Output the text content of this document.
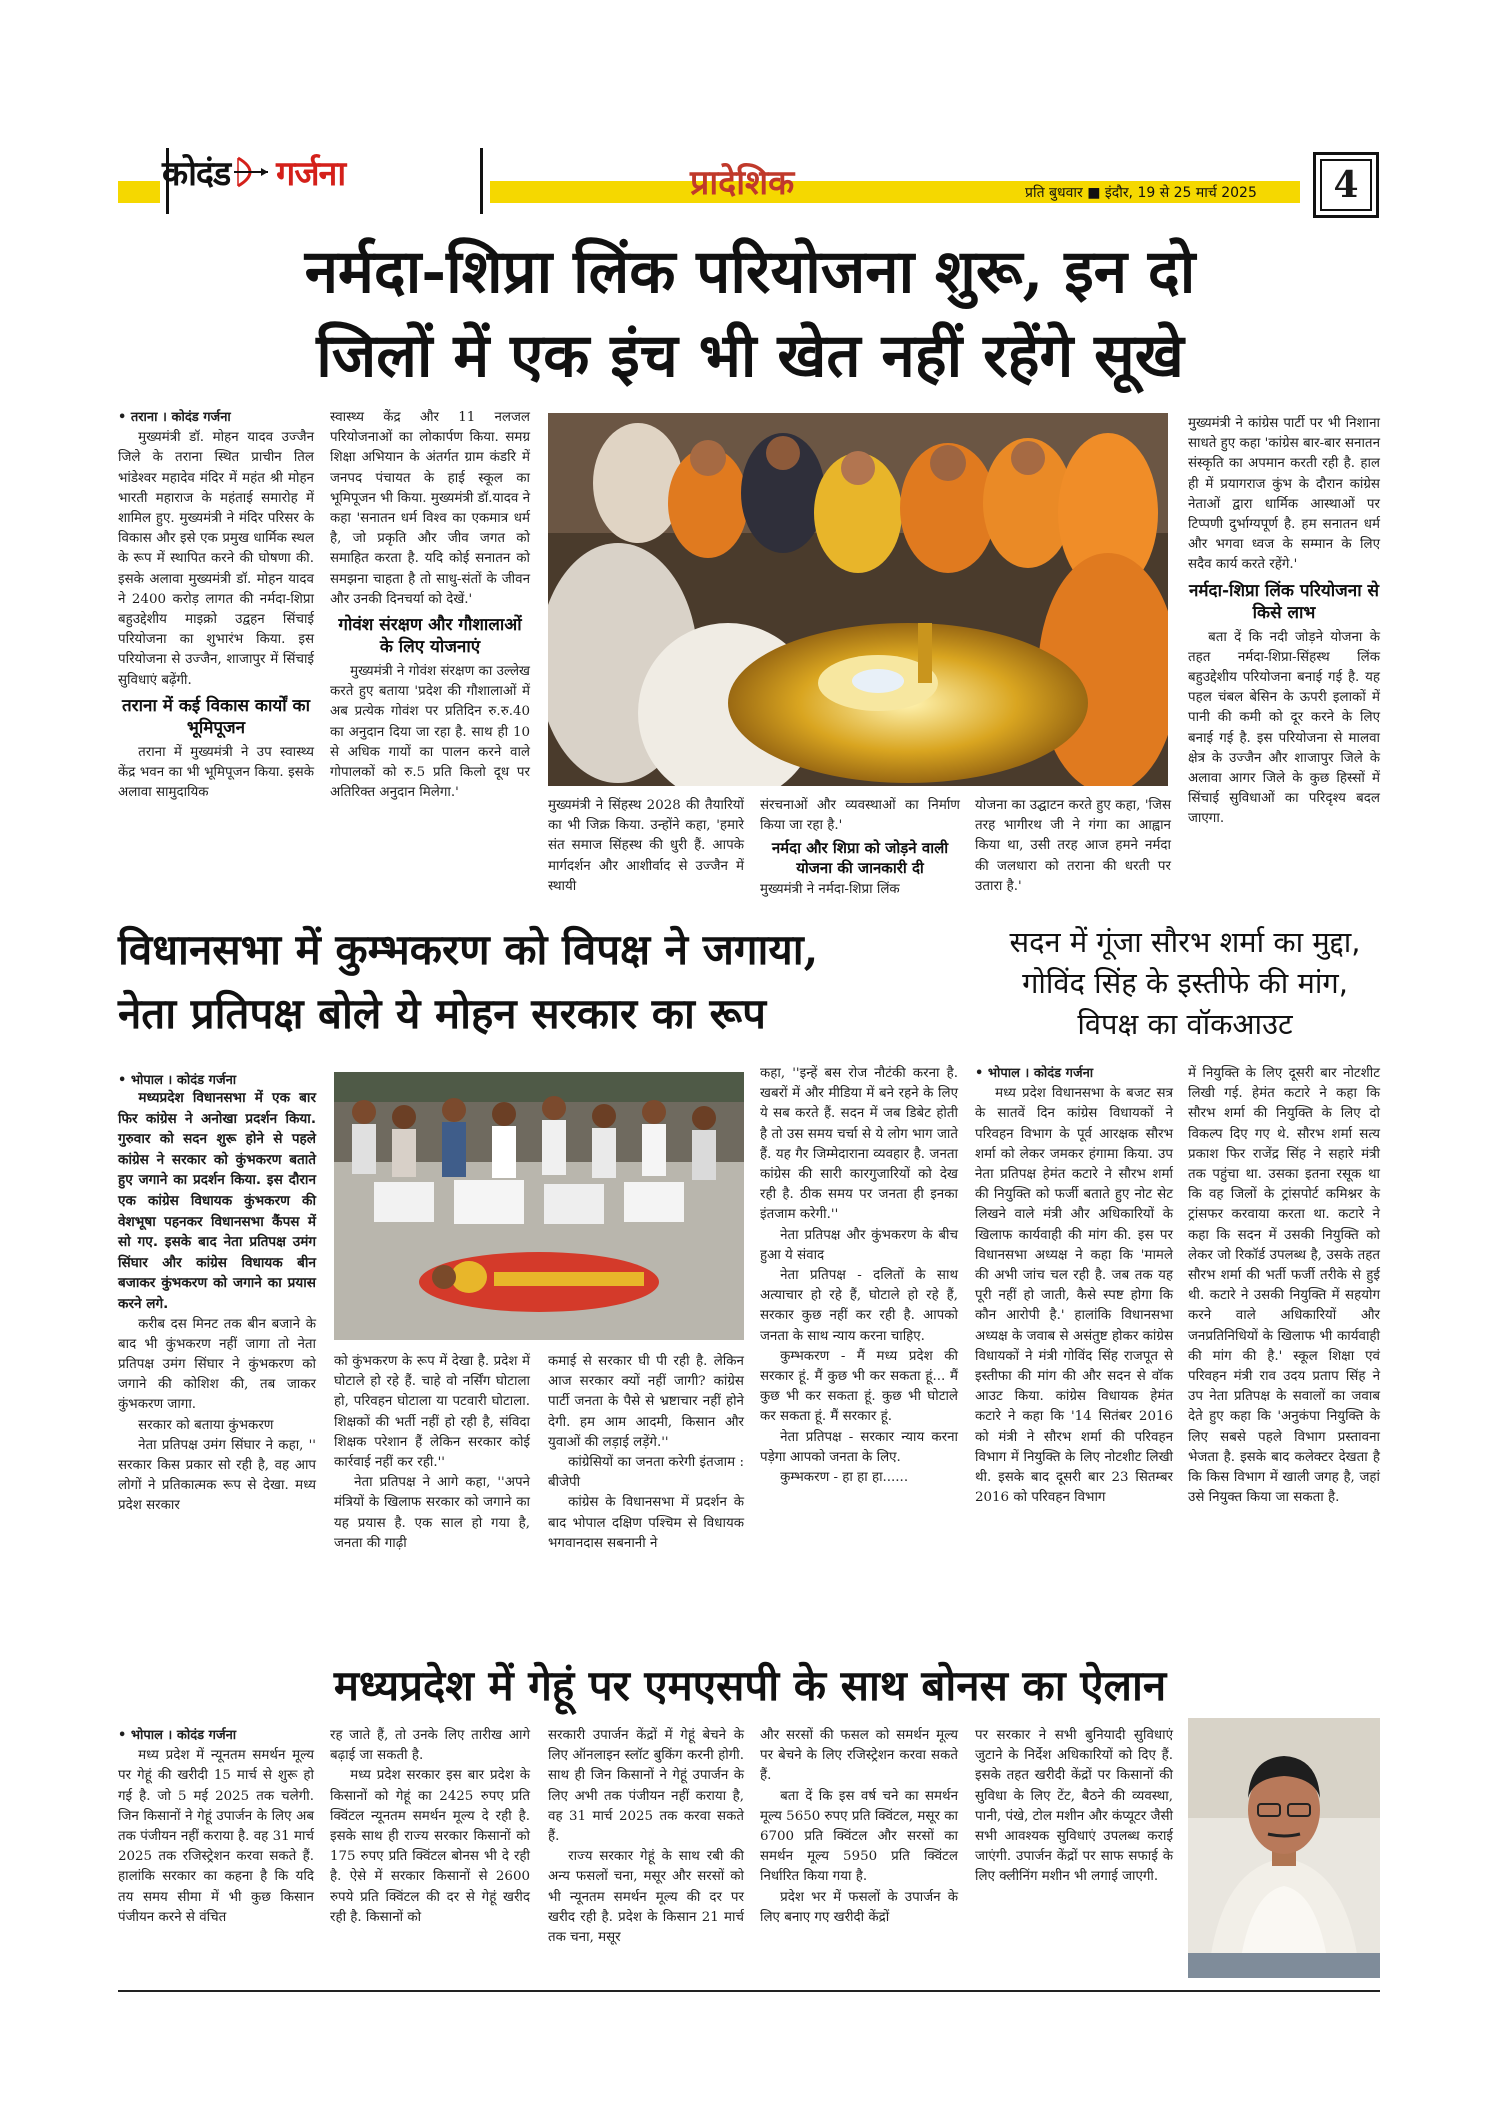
कोदंड गर्जना	प्रादेशिक	प्रति बुधवार ■ इंदौर, 19 से 25 मार्च 2025	4
नर्मदा-शिप्रा लिंक परियोजना शुरू, इन दो
जिलों में एक इंच भी खेत नहीं रहेंगे सूखे
• तराना । कोदंड गर्जना

मुख्यमंत्री डॉ. मोहन यादव उज्जैन जिले के तराना स्थित प्राचीन तिल भांडेश्वर महादेव मंदिर में महंत श्री मोहन भारती महाराज के महंताई समारोह में शामिल हुए. मुख्यमंत्री ने मंदिर परिसर के विकास और इसे एक प्रमुख धार्मिक स्थल के रूप में स्थापित करने की घोषणा की. इसके अलावा मुख्यमंत्री डॉ. मोहन यादव ने 2400 करोड़ लागत की नर्मदा-शिप्रा बहुउद्देशीय माइक्रो उद्वहन सिंचाई परियोजना का शुभारंभ किया. इस परियोजना से उज्जैन, शाजापुर में सिंचाई सुविधाएं बढ़ेंगी.

तराना में कई विकास कार्यों का भूमिपूजन

तराना में मुख्यमंत्री ने उप स्वास्थ्य केंद्र भवन का भी भूमिपूजन किया. इसके अलावा सामुदायिक

स्वास्थ्य केंद्र और 11 नलजल परियोजनाओं का लोकार्पण किया. समग्र शिक्षा अभियान के अंतर्गत ग्राम कंडरि में जनपद पंचायत के हाई स्कूल का भूमिपूजन भी किया. मुख्यमंत्री डॉ.यादव ने कहा 'सनातन धर्म विश्व का एकमात्र धर्म है, जो प्रकृति और जीव जगत को समाहित करता है. यदि कोई सनातन को समझना चाहता है तो साधु-संतों के जीवन और उनकी दिनचर्या को देखें.'

गोवंश संरक्षण और गौशालाओं के लिए योजनाएं

मुख्यमंत्री ने गोवंश संरक्षण का उल्लेख करते हुए बताया 'प्रदेश की गौशालाओं में अब प्रत्येक गोवंश पर प्रतिदिन रु.रु.40 का अनुदान दिया जा रहा है. साथ ही 10 से अधिक गायों का पालन करने वाले गोपालकों को रु.5 प्रति किलो दूध पर अतिरिक्त अनुदान मिलेगा.'

मुख्यमंत्री ने सिंहस्थ 2028 की तैयारियों का भी जिक्र किया. उन्होंने कहा, 'हमारे संत समाज सिंहस्थ की धुरी हैं. आपके मार्गदर्शन और आशीर्वाद से उज्जैन में स्थायी

संरचनाओं और व्यवस्थाओं का निर्माण किया जा रहा है.'

नर्मदा और शिप्रा को जोड़ने वाली योजना की जानकारी दी

मुख्यमंत्री ने नर्मदा-शिप्रा लिंक

योजना का उद्घाटन करते हुए कहा, 'जिस तरह भागीरथ जी ने गंगा का आह्वान किया था, उसी तरह आज हमने नर्मदा की जलधारा को तराना की धरती पर उतारा है.'

मुख्यमंत्री ने कांग्रेस पार्टी पर भी निशाना साधते हुए कहा 'कांग्रेस बार-बार सनातन संस्कृति का अपमान करती रही है. हाल ही में प्रयागराज कुंभ के दौरान कांग्रेस नेताओं द्वारा धार्मिक आस्थाओं पर टिप्पणी दुर्भाग्यपूर्ण है. हम सनातन धर्म और भगवा ध्वज के सम्मान के लिए सदैव कार्य करते रहेंगे.'

नर्मदा-शिप्रा लिंक परियोजना से किसे लाभ

बता दें कि नदी जोड़ने योजना के तहत नर्मदा-शिप्रा-सिंहस्थ लिंक बहुउद्देशीय परियोजना बनाई गई है. यह पहल चंबल बेसिन के ऊपरी इलाकों में पानी की कमी को दूर करने के लिए बनाई गई है. इस परियोजना से मालवा क्षेत्र के उज्जैन और शाजापुर जिले के अलावा आगर जिले के कुछ हिस्सों में सिंचाई सुविधाओं का परिदृश्य बदल जाएगा.

विधानसभा में कुम्भकरण को विपक्ष ने जगाया,
नेता प्रतिपक्ष बोले ये मोहन सरकार का रूप
सदन में गूंजा सौरभ शर्मा का मुद्दा, गोविंद सिंह के इस्तीफे की मांग, विपक्ष का वॉकआउट
• भोपाल । कोदंड गर्जना

मध्यप्रदेश विधानसभा में एक बार फिर कांग्रेस ने अनोखा प्रदर्शन किया. गुरुवार को सदन शुरू होने से पहले कांग्रेस ने सरकार को कुंभकरण बताते हुए जगाने का प्रदर्शन किया. इस दौरान एक कांग्रेस विधायक कुंभकरण की वेशभूषा पहनकर विधानसभा कैंपस में सो गए. इसके बाद नेता प्रतिपक्ष उमंग सिंघार और कांग्रेस विधायक बीन बजाकर कुंभकरण को जगाने का प्रयास करने लगे.

करीब दस मिनट तक बीन बजाने के बाद भी कुंभकरण नहीं जागा तो नेता प्रतिपक्ष उमंग सिंघार ने कुंभकरण को जगाने की कोशिश की, तब जाकर कुंभकरण जागा.

सरकार को बताया कुंभकरण

नेता प्रतिपक्ष उमंग सिंघार ने कहा, '' सरकार किस प्रकार सो रही है, वह आप लोगों ने प्रतिकात्मक रूप से देखा. मध्य प्रदेश सरकार

को कुंभकरण के रूप में देखा है. प्रदेश में घोटाले हो रहे हैं. चाहे वो नर्सिंग घोटाला हो, परिवहन घोटाला या पटवारी घोटाला. शिक्षकों की भर्ती नहीं हो रही है, संविदा शिक्षक परेशान हैं लेकिन सरकार कोई कार्रवाई नहीं कर रही.''

नेता प्रतिपक्ष ने आगे कहा, ''अपने मंत्रियों के खिलाफ सरकार को जगाने का यह प्रयास है. एक साल हो गया है, जनता की गाढ़ी

कमाई से सरकार घी पी रही है. लेकिन आज सरकार क्यों नहीं जागी? कांग्रेस पार्टी जनता के पैसे से भ्रष्टाचार नहीं होने देगी. हम आम आदमी, किसान और युवाओं की लड़ाई लड़ेंगे.''

कांग्रेसियों का जनता करेगी इंतजाम : बीजेपी

कांग्रेस के विधानसभा में प्रदर्शन के बाद भोपाल दक्षिण पश्चिम से विधायक भगवानदास सबनानी ने

कहा, ''इन्हें बस रोज नौटंकी करना है. खबरों में और मीडिया में बने रहने के लिए ये सब करते हैं. सदन में जब डिबेट होती है तो उस समय चर्चा से ये लोग भाग जाते हैं. यह गैर जिम्मेदाराना व्यवहार है. जनता कांग्रेस की सारी कारगुजारियों को देख रही है. ठीक समय पर जनता ही इनका इंतजाम करेगी.''

नेता प्रतिपक्ष और कुंभकरण के बीच हुआ ये संवाद

नेता प्रतिपक्ष - दलितों के साथ अत्याचार हो रहे हैं, घोटाले हो रहे हैं, सरकार कुछ नहीं कर रही है. आपको जनता के साथ न्याय करना चाहिए.

कुम्भकरण - मैं मध्य प्रदेश की सरकार हूं. मैं कुछ भी कर सकता हूं... मैं कुछ भी कर सकता हूं. कुछ भी घोटाले कर सकता हूं. मैं सरकार हूं.

नेता प्रतिपक्ष - सरकार न्याय करना पड़ेगा आपको जनता के लिए.

कुम्भकरण - हा हा हा......

• भोपाल । कोदंड गर्जना

मध्य प्रदेश विधानसभा के बजट सत्र के सातवें दिन कांग्रेस विधायकों ने परिवहन विभाग के पूर्व आरक्षक सौरभ शर्मा को लेकर जमकर हंगामा किया. उप नेता प्रतिपक्ष हेमंत कटारे ने सौरभ शर्मा की नियुक्ति को फर्जी बताते हुए नोट सेट लिखने वाले मंत्री और अधिकारियों के खिलाफ कार्यवाही की मांग की. इस पर विधानसभा अध्यक्ष ने कहा कि 'मामले की अभी जांच चल रही है. जब तक यह पूरी नहीं हो जाती, कैसे स्पष्ट होगा कि कौन आरोपी है.' हालांकि विधानसभा अध्यक्ष के जवाब से असंतुष्ट होकर कांग्रेस विधायकों ने मंत्री गोविंद सिंह राजपूत से इस्तीफा की मांग की और सदन से वॉक आउट किया. कांग्रेस विधायक हेमंत कटारे ने कहा कि '14 सितंबर 2016 को मंत्री ने सौरभ शर्मा की परिवहन विभाग में नियुक्ति के लिए नोटशीट लिखी थी. इसके बाद दूसरी बार 23 सितम्बर 2016 को परिवहन विभाग

में नियुक्ति के लिए दूसरी बार नोटशीट लिखी गई. हेमंत कटारे ने कहा कि सौरभ शर्मा की नियुक्ति के लिए दो विकल्प दिए गए थे. सौरभ शर्मा सत्य प्रकाश फिर राजेंद्र सिंह ने सहारे मंत्री तक पहुंचा था. उसका इतना रसूक था कि वह जिलों के ट्रांसपोर्ट कमिश्नर के ट्रांसफर करवाया करता था. कटारे ने कहा कि सदन में उसकी नियुक्ति को लेकर जो रिकॉर्ड उपलब्ध है, उसके तहत सौरभ शर्मा की भर्ती फर्जी तरीके से हुई थी. कटारे ने उसकी नियुक्ति में सहयोग करने वाले अधिकारियों और जनप्रतिनिधियों के खिलाफ भी कार्यवाही की मांग की है.' स्कूल शिक्षा एवं परिवहन मंत्री राव उदय प्रताप सिंह ने उप नेता प्रतिपक्ष के सवालों का जवाब देते हुए कहा कि 'अनुकंपा नियुक्ति के लिए सबसे पहले विभाग प्रस्तावना भेजता है. इसके बाद कलेक्टर देखता है कि किस विभाग में खाली जगह है, जहां उसे नियुक्त किया जा सकता है.

मध्यप्रदेश में गेहूं पर एमएसपी के साथ बोनस का ऐलान
• भोपाल । कोदंड गर्जना

मध्य प्रदेश में न्यूनतम समर्थन मूल्य पर गेहूं की खरीदी 15 मार्च से शुरू हो गई है. जो 5 मई 2025 तक चलेगी. जिन किसानों ने गेहूं उपार्जन के लिए अब तक पंजीयन नहीं कराया है. वह 31 मार्च 2025 तक रजिस्ट्रेशन करवा सकते हैं. हालांकि सरकार का कहना है कि यदि तय समय सीमा में भी कुछ किसान पंजीयन करने से वंचित

रह जाते हैं, तो उनके लिए तारीख आगे बढ़ाई जा सकती है.

मध्य प्रदेश सरकार इस बार प्रदेश के किसानों को गेहूं का 2425 रुपए प्रति क्विंटल न्यूनतम समर्थन मूल्य दे रही है. इसके साथ ही राज्य सरकार किसानों को 175 रुपए प्रति क्विंटल बोनस भी दे रही है. ऐसे में सरकार किसानों से 2600 रुपये प्रति क्विंटल की दर से गेहूं खरीद रही है. किसानों को

सरकारी उपार्जन केंद्रों में गेहूं बेचने के लिए ऑनलाइन स्लॉट बुकिंग करनी होगी. साथ ही जिन किसानों ने गेहूं उपार्जन के लिए अभी तक पंजीयन नहीं कराया है, वह 31 मार्च 2025 तक करवा सकते हैं.

राज्य सरकार गेहूं के साथ रबी की अन्य फसलों चना, मसूर और सरसों को भी न्यूनतम समर्थन मूल्य की दर पर खरीद रही है. प्रदेश के किसान 21 मार्च तक चना, मसूर

और सरसों की फसल को समर्थन मूल्य पर बेचने के लिए रजिस्ट्रेशन करवा सकते हैं.

बता दें कि इस वर्ष चने का समर्थन मूल्य 5650 रुपए प्रति क्विंटल, मसूर का 6700 प्रति क्विंटल और सरसों का समर्थन मूल्य 5950 प्रति क्विंटल निर्धारित किया गया है.

प्रदेश भर में फसलों के उपार्जन के लिए बनाए गए खरीदी केंद्रों

पर सरकार ने सभी बुनियादी सुविधाएं जुटाने के निर्देश अधिकारियों को दिए हैं. इसके तहत खरीदी केंद्रों पर किसानों की सुविधा के लिए टेंट, बैठने की व्यवस्था, पानी, पंखे, टोल मशीन और कंप्यूटर जैसी सभी आवश्यक सुविधाएं उपलब्ध कराई जाएंगी. उपार्जन केंद्रों पर साफ सफाई के लिए क्लीनिंग मशीन भी लगाई जाएगी.
